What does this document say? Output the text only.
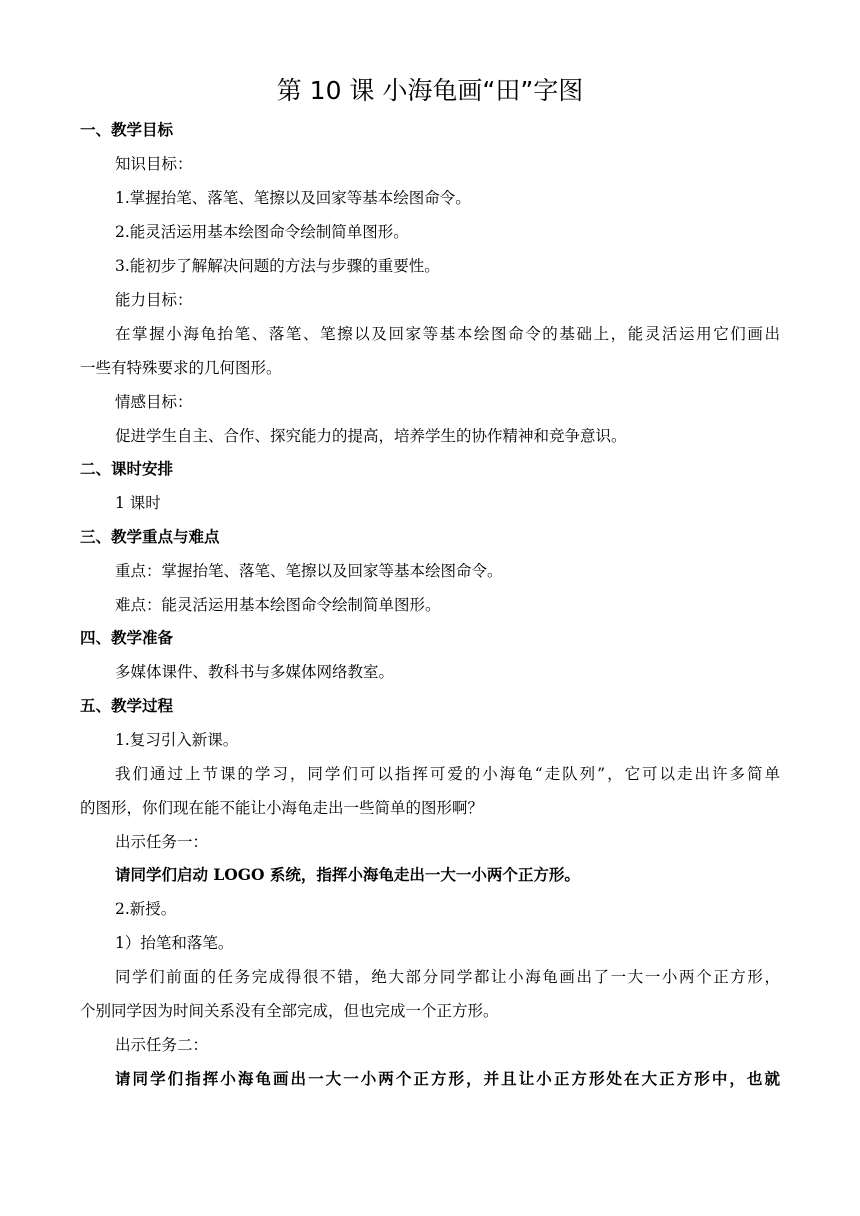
第 10 课 小海龟画“田”字图
一、教学目标
知识目标：
1.掌握抬笔、落笔、笔擦以及回家等基本绘图命令。
2.能灵活运用基本绘图命令绘制简单图形。
3.能初步了解解决问题的方法与步骤的重要性。
能力目标：
在掌握小海龟抬笔、落笔、笔擦以及回家等基本绘图命令的基础上，能灵活运用它们画出
一些有特殊要求的几何图形。
情感目标：
促进学生自主、合作、探究能力的提高，培养学生的协作精神和竞争意识。
二、课时安排
1 课时
三、教学重点与难点
重点：掌握抬笔、落笔、笔擦以及回家等基本绘图命令。
难点：能灵活运用基本绘图命令绘制简单图形。
四、教学准备
多媒体课件、教科书与多媒体网络教室。
五、教学过程
1.复习引入新课。
我们通过上节课的学习，同学们可以指挥可爱的小海龟“走队列”，它可以走出许多简单
的图形，你们现在能不能让小海龟走出一些简单的图形啊？
出示任务一：
请同学们启动 LOGO 系统，指挥小海龟走出一大一小两个正方形。
2.新授。
1）抬笔和落笔。
同学们前面的任务完成得很不错，绝大部分同学都让小海龟画出了一大一小两个正方形，
个别同学因为时间关系没有全部完成，但也完成一个正方形。
出示任务二：
请同学们指挥小海龟画出一大一小两个正方形，并且让小正方形处在大正方形中，也就
